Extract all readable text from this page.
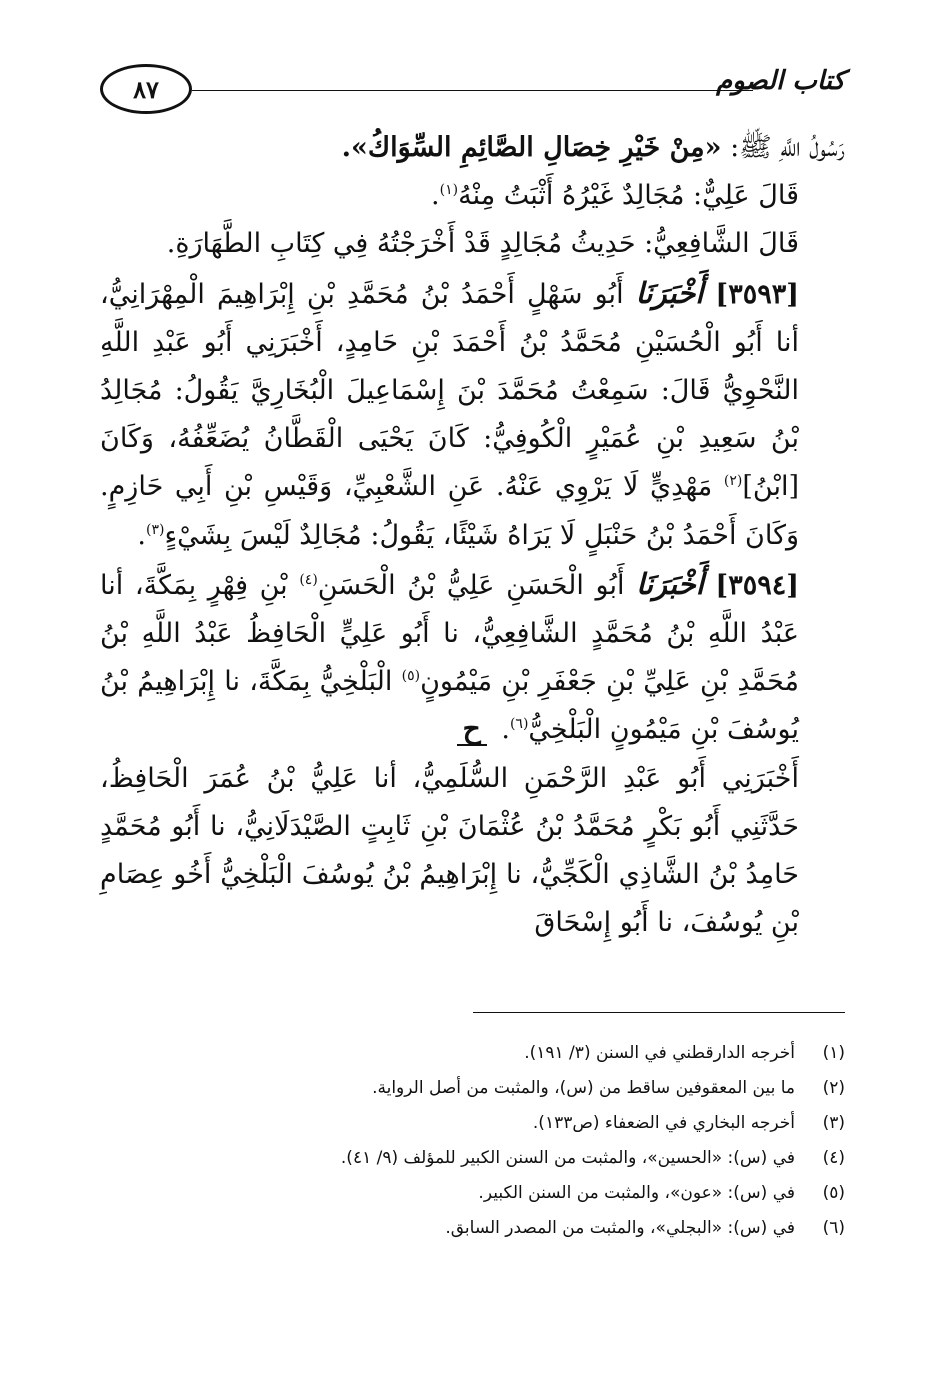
٨٧	كتاب الصوم

رَسُولُ اللَّهِ ﷺ: «مِنْ خَيْرِ خِصَالِ الصَّائِمِ السِّوَاكُ».

قَالَ عَلِيٌّ: مُجَالِدٌ غَيْرُهُ أَثْبَتُ مِنْهُ$^{(١)}$.

قَالَ الشَّافِعِيُّ: حَدِيثُ مُجَالِدٍ قَدْ أَخْرَجْتُهُ فِي كِتَابِ الطَّهَارَةِ.

[٣٥٩٣] أَخْبَرَنَا أَبُو سَهْلٍ أَحْمَدُ بْنُ مُحَمَّدِ بْنِ إِبْرَاهِيمَ الْمِهْرَانِيُّ، أنا أَبُو الْحُسَيْنِ مُحَمَّدُ بْنُ أَحْمَدَ بْنِ حَامِدٍ، أَخْبَرَنِي أَبُو عَبْدِ اللَّهِ النَّحْوِيُّ قَالَ: سَمِعْتُ مُحَمَّدَ بْنَ إِسْمَاعِيلَ الْبُخَارِيَّ يَقُولُ: مُجَالِدُ بْنُ سَعِيدِ بْنِ عُمَيْرٍ الْكُوفِيُّ: كَانَ يَحْيَى الْقَطَّانُ يُضَعِّفُهُ، وَكَانَ [ابْنُ]$^{(٢)}$ مَهْدِيٍّ لَا يَرْوِي عَنْهُ. عَنِ الشَّعْبِيِّ، وَقَيْسِ بْنِ أَبِي حَازِمٍ. وَكَانَ أَحْمَدُ بْنُ حَنْبَلٍ لَا يَرَاهُ شَيْئًا، يَقُولُ: مُجَالِدٌ لَيْسَ بِشَيْءٍ$^{(٣)}$.

[٣٥٩٤] أَخْبَرَنَا أَبُو الْحَسَنِ عَلِيُّ بْنُ الْحَسَنِ$^{(٤)}$ بْنِ فِهْرٍ بِمَكَّةَ، أنا عَبْدُ اللَّهِ بْنُ مُحَمَّدٍ الشَّافِعِيُّ، نا أَبُو عَلِيٍّ الْحَافِظُ عَبْدُ اللَّهِ بْنُ مُحَمَّدِ بْنِ عَلِيِّ بْنِ جَعْفَرِ بْنِ مَيْمُونٍ$^{(٥)}$ الْبَلْخِيُّ بِمَكَّةَ، نا إِبْرَاهِيمُ بْنُ يُوسُفَ بْنِ مَيْمُونٍ الْبَلْخِيُّ$^{(٦)}$. ح

أَخْبَرَنِي أَبُو عَبْدِ الرَّحْمَنِ السُّلَمِيُّ، أنا عَلِيُّ بْنُ عُمَرَ الْحَافِظُ، حَدَّثَنِي أَبُو بَكْرٍ مُحَمَّدُ بْنُ عُثْمَانَ بْنِ ثَابِتٍ الصَّيْدَلَانِيُّ، نا أَبُو مُحَمَّدٍ حَامِدُ بْنُ الشَّاذِي الْكَجِّيُّ، نا إِبْرَاهِيمُ بْنُ يُوسُفَ الْبَلْخِيُّ أَخُو عِصَامِ بْنِ يُوسُفَ، نا أَبُو إِسْحَاقَ

(١)
أخرجه الدارقطني في السنن (٣/ ١٩١).
(٢)
ما بين المعقوفين ساقط من (س)، والمثبت من أصل الرواية.
(٣)
أخرجه البخاري في الضعفاء (ص١٣٣).
(٤)
في (س): «الحسين»، والمثبت من السنن الكبير للمؤلف (٩/ ٤١).
(٥)
في (س): «عون»، والمثبت من السنن الكبير.
(٦)
في (س): «البجلي»، والمثبت من المصدر السابق.
